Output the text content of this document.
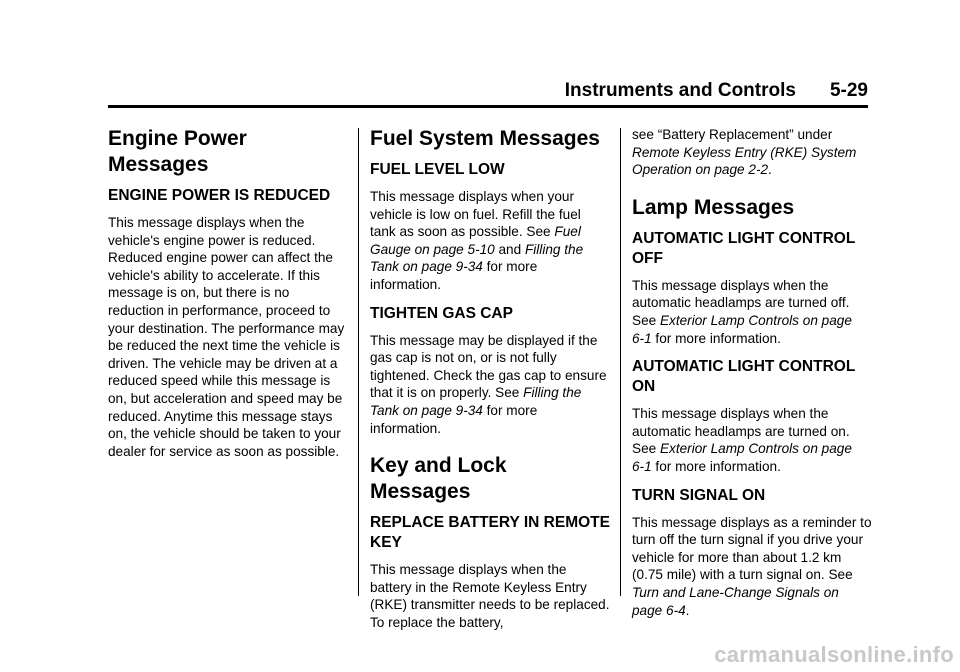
Instruments and Controls 5-29
Engine Power Messages
ENGINE POWER IS REDUCED

This message displays when the vehicle's engine power is reduced. Reduced engine power can affect the vehicle's ability to accelerate. If this message is on, but there is no reduction in performance, proceed to your destination. The performance may be reduced the next time the vehicle is driven. The vehicle may be driven at a reduced speed while this message is on, but acceleration and speed may be reduced. Anytime this message stays on, the vehicle should be taken to your dealer for service as soon as possible.

Fuel System Messages
FUEL LEVEL LOW

This message displays when your vehicle is low on fuel. Refill the fuel tank as soon as possible. See Fuel Gauge on page 5‑10 and Filling the Tank on page 9‑34 for more information.

TIGHTEN GAS CAP

This message may be displayed if the gas cap is not on, or is not fully tightened. Check the gas cap to ensure that it is on properly. See Filling the Tank on page 9‑34 for more information.

Key and Lock Messages
REPLACE BATTERY IN REMOTE KEY

This message displays when the battery in the Remote Keyless Entry (RKE) transmitter needs to be replaced. To replace the battery,

see “Battery Replacement” under Remote Keyless Entry (RKE) System Operation on page 2‑2.

Lamp Messages
AUTOMATIC LIGHT CONTROL OFF

This message displays when the automatic headlamps are turned off. See Exterior Lamp Controls on page 6‑1 for more information.

AUTOMATIC LIGHT CONTROL ON

This message displays when the automatic headlamps are turned on. See Exterior Lamp Controls on page 6‑1 for more information.

TURN SIGNAL ON

This message displays as a reminder to turn off the turn signal if you drive your vehicle for more than about 1.2 km (0.75 mile) with a turn signal on. See Turn and Lane‑Change Signals on page 6‑4.

carmanualsonline.info
